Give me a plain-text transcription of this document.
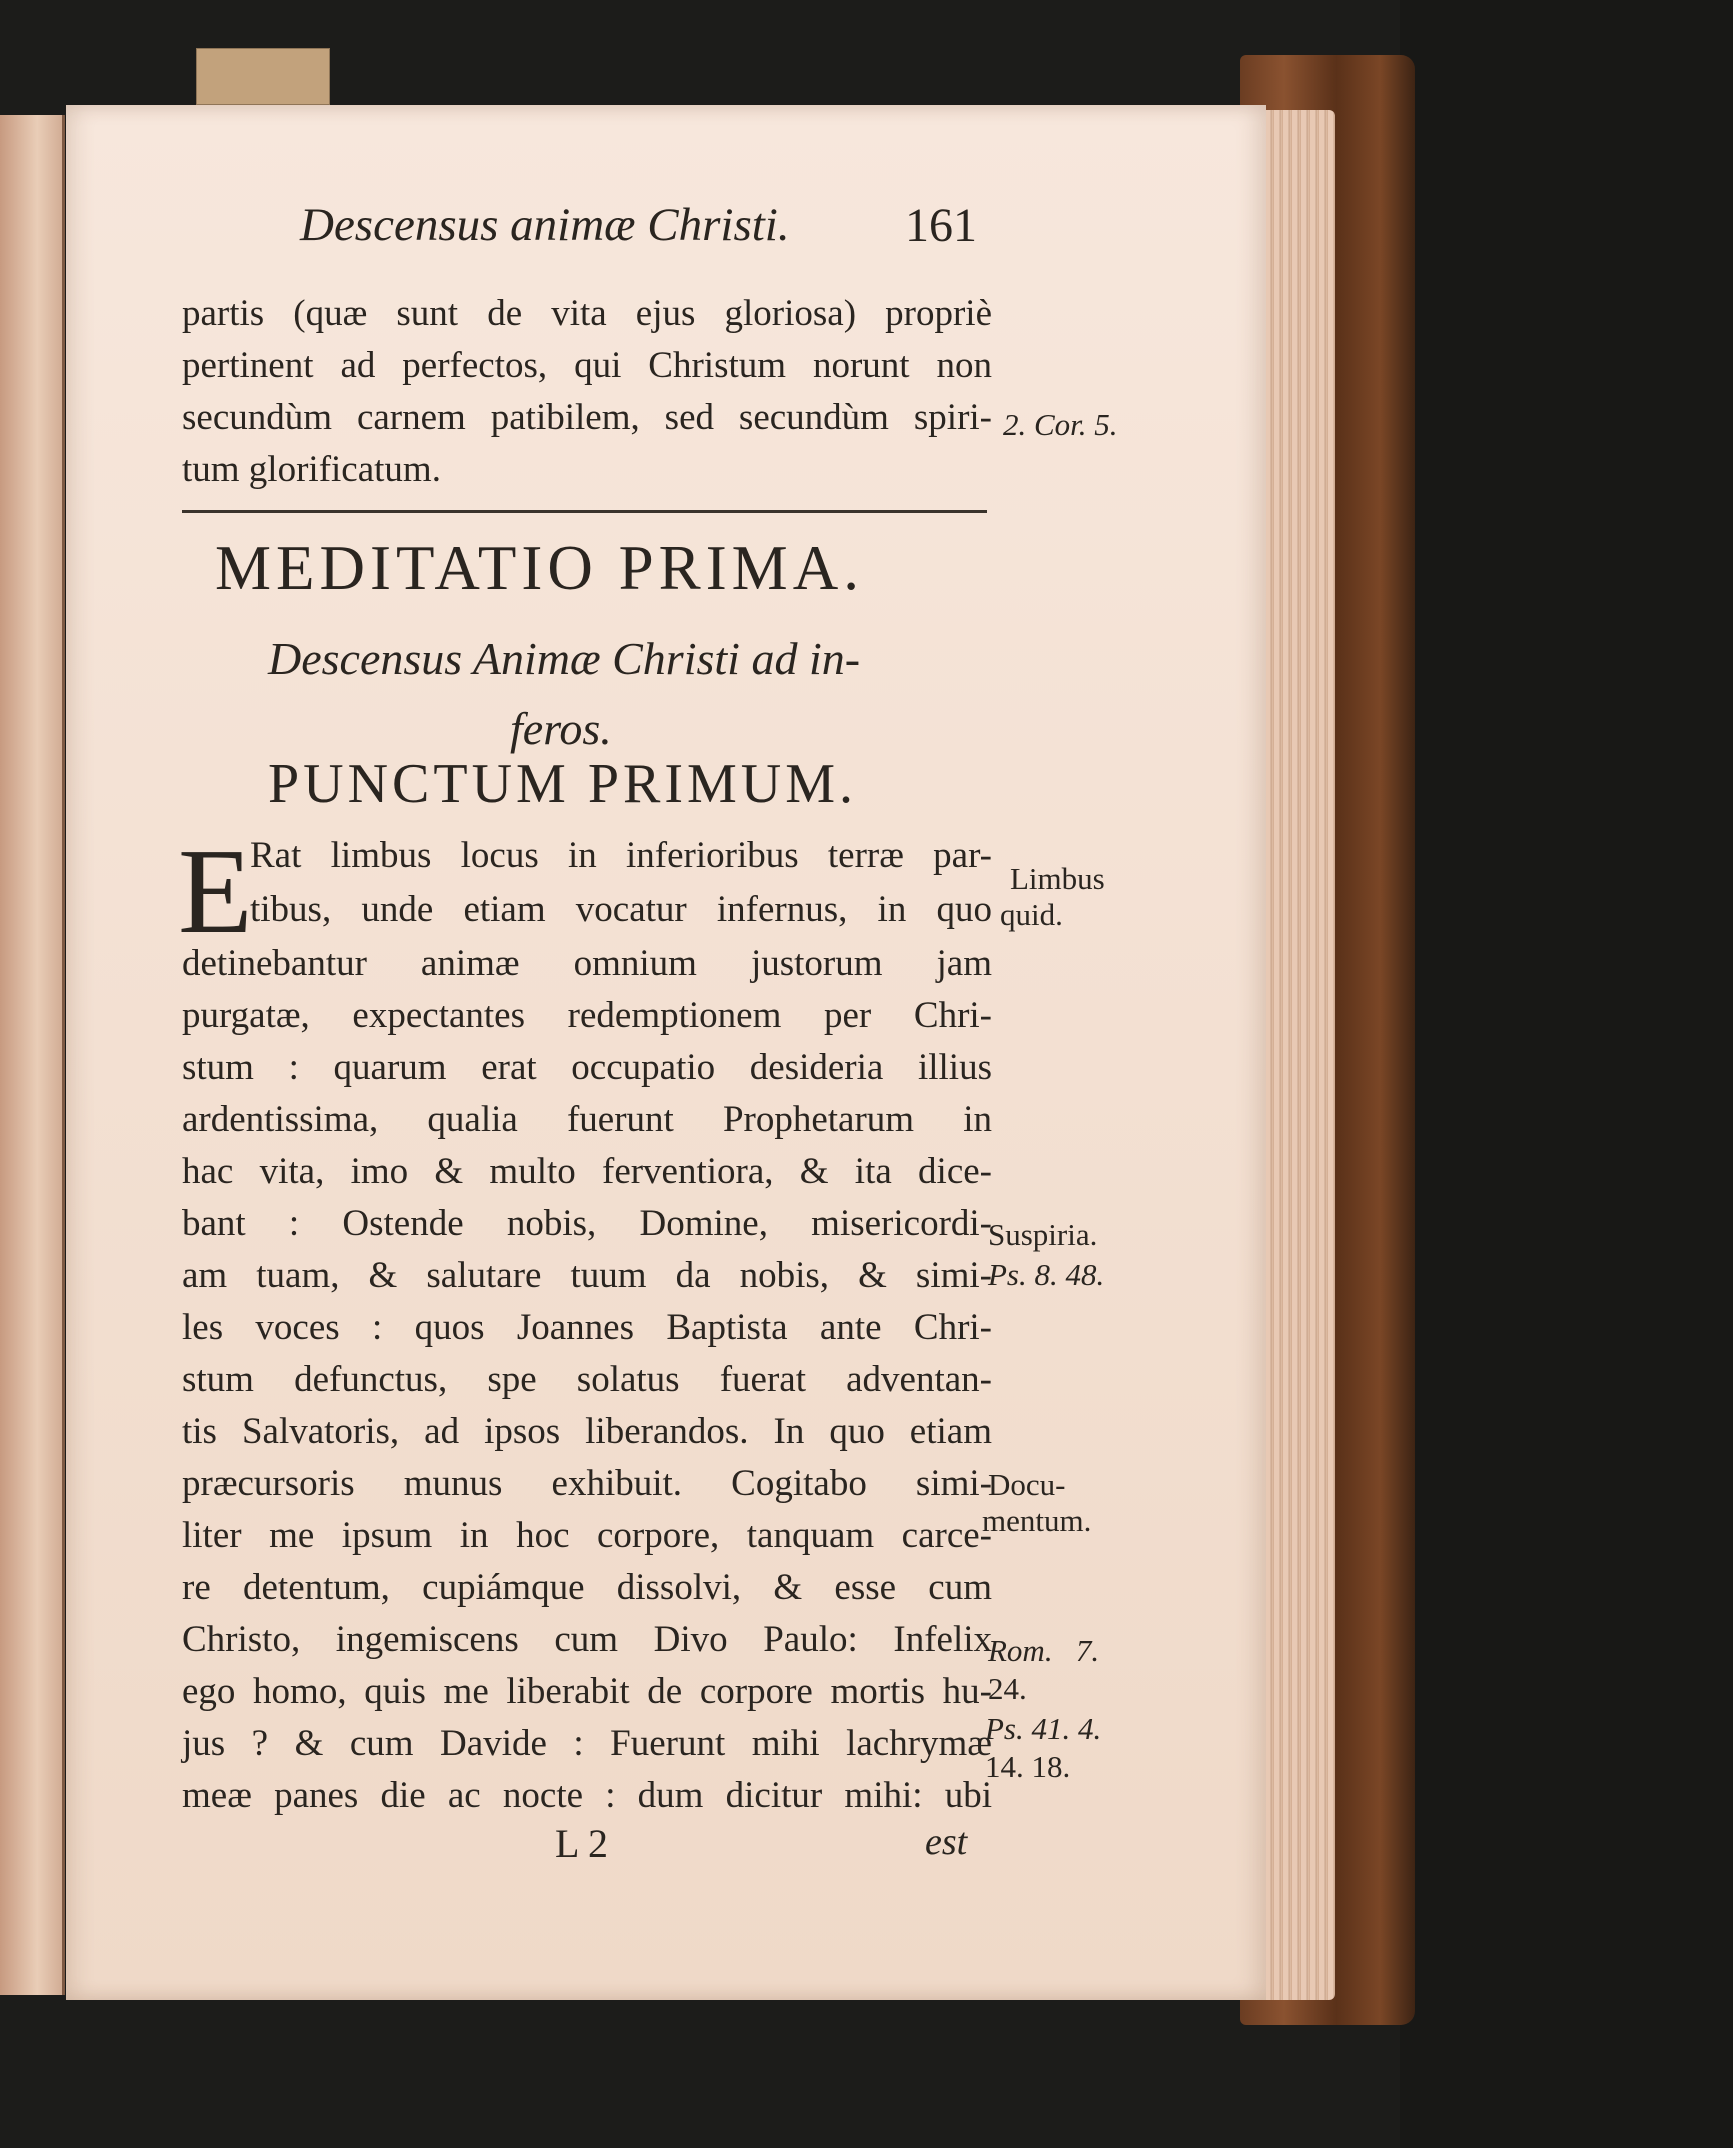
Descensus animæ Christi. 161
partis (quæ sunt de vita ejus gloriosa) propriè
pertinent ad perfectos, qui Christum norunt non
secundùm carnem patibilem, sed secundùm spiri-
tum glorificatum.
MEDITATIO PRIMA.
Descensus Animæ Christi ad in-
feros.
PUNCTUM PRIMUM.
E
Rat limbus locus in inferioribus terræ par-
tibus, unde etiam vocatur infernus, in quo
detinebantur animæ omnium justorum jam
purgatæ, expectantes redemptionem per Chri-
stum : quarum erat occupatio desideria illius
ardentissima, qualia fuerunt Prophetarum in
hac vita, imo & multo ferventiora, & ita dice-
bant : Ostende nobis, Domine, misericordi-
am tuam, & salutare tuum da nobis, & simi-
les voces : quos Joannes Baptista ante Chri-
stum defunctus, spe solatus fuerat adventan-
tis Salvatoris, ad ipsos liberandos. In quo etiam
præcursoris munus exhibuit. Cogitabo simi-
liter me ipsum in hoc corpore, tanquam carce-
re detentum, cupiámque dissolvi, & esse cum
Christo, ingemiscens cum Divo Paulo: Infelix
ego homo, quis me liberabit de corpore mortis hu-
jus ? & cum Davide : Fuerunt mihi lachrymæ
meæ panes die ac nocte : dum dicitur mihi: ubi
2. Cor. 5.
Limbus
quid.
Suspiria.
Ps. 8. 48.
Docu-
mentum.
Rom.   7.
24.
Ps. 41. 4.
14. 18.
L 2	est
